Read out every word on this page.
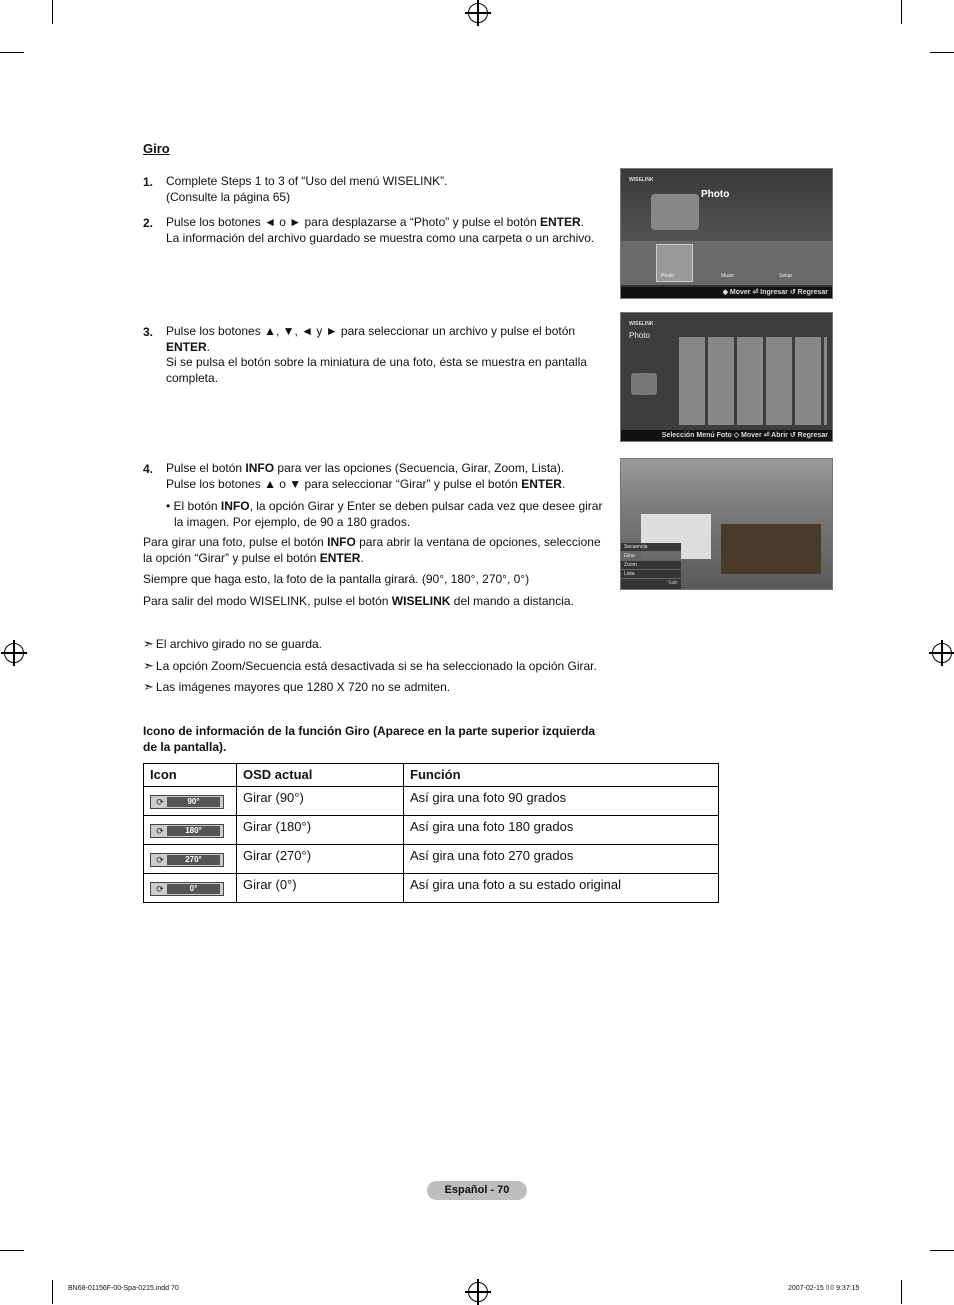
Giro
1. Complete Steps 1 to 3 of “Uso del menú WISELINK”.
(Consulte la página 65)
2. Pulse los botones ◄ o ► para desplazarse a “Photo” y pulse el botón ENTER.
La información del archivo guardado se muestra como una carpeta o un archivo.
3. Pulse los botones ▲, ▼, ◄ y ► para seleccionar un archivo y pulse el botón
ENTER.
Si se pulsa el botón sobre la miniatura de una foto, ésta se muestra en pantalla
completa.
4. Pulse el botón INFO para ver las opciones (Secuencia, Girar, Zoom, Lista).
Pulse los botones ▲ o ▼ para seleccionar “Girar” y pulse el botón ENTER.
• El botón INFO, la opción Girar y Enter se deben pulsar cada vez que desee girar
la imagen. Por ejemplo, de 90 a 180 grados.
Para girar una foto, pulse el botón INFO para abrir la ventana de opciones, seleccione
la opción “Girar” y pulse el botón ENTER.
Siempre que haga esto, la foto de la pantalla girará. (90°, 180°, 270°, 0°)
Para salir del modo WISELINK, pulse el botón WISELINK del mando a distancia.
➣ El archivo girado no se guarda.
➣ La opción Zoom/Secuencia está desactivada si se ha seleccionado la opción Girar.
➣ Las imágenes mayores que 1280 X 720 no se admiten.
Icono de información de la función Giro (Aparece en la parte superior izquierda
de la pantalla).
Icon	OSD actual	Función

⟳ 90°	Girar (90°)	Así gira una foto 90 grados

⟳ 180°	Girar (180°)	Así gira una foto 180 grados

⟳ 270°	Girar (270°)	Así gira una foto 270 grados

⟳ 0°	Girar (0°)	Así gira una foto a su estado original
WISELINK
Photo
Photo	Music	Setup
◆ Mover ⏎ Ingresar ↺ Regresar
WISELINK
Photo
Selección Menú Foto ◇ Mover ⏎ Abrir ↺ Regresar
Secuencia
Girar
Zoom
Lista
Salir
Español - 70
BN68-01156F-00-Spa-0215.indd 70	2007-02-15 ⌷⌷ 9:37:15
